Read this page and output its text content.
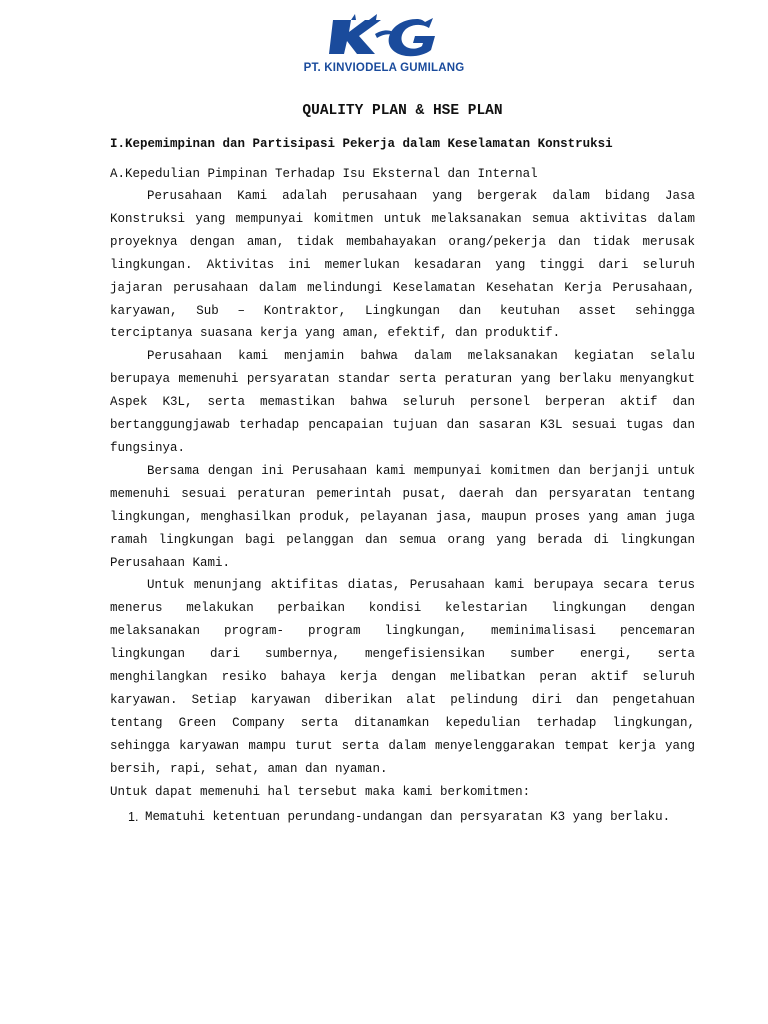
PT. KINVIODELA GUMILANG
QUALITY PLAN & HSE PLAN
I.Kepemimpinan dan Partisipasi Pekerja dalam Keselamatan Konstruksi
A.Kepedulian Pimpinan Terhadap Isu Eksternal dan Internal

Perusahaan Kami adalah perusahaan yang bergerak dalam bidang Jasa Konstruksi yang mempunyai komitmen untuk melaksanakan semua aktivitas dalam proyeknya dengan aman, tidak membahayakan orang/pekerja dan tidak merusak lingkungan. Aktivitas ini memerlukan kesadaran yang tinggi dari seluruh jajaran perusahaan dalam melindungi Keselamatan Kesehatan Kerja Perusahaan, karyawan, Sub – Kontraktor, Lingkungan dan keutuhan asset sehingga terciptanya suasana kerja yang aman, efektif, dan produktif.

Perusahaan kami menjamin bahwa dalam melaksanakan kegiatan selalu berupaya memenuhi persyaratan standar serta peraturan yang berlaku menyangkut Aspek K3L, serta memastikan bahwa seluruh personel berperan aktif dan bertanggungjawab terhadap pencapaian tujuan dan sasaran K3L sesuai tugas dan fungsinya.

Bersama dengan ini Perusahaan kami mempunyai komitmen dan berjanji untuk memenuhi sesuai peraturan pemerintah pusat, daerah dan persyaratan tentang lingkungan, menghasilkan produk, pelayanan jasa, maupun proses yang aman juga ramah lingkungan bagi pelanggan dan semua orang yang berada di lingkungan Perusahaan Kami.

Untuk menunjang aktifitas diatas, Perusahaan kami berupaya secara terus menerus melakukan perbaikan kondisi kelestarian lingkungan dengan melaksanakan program- program lingkungan, meminimalisasi pencemaran lingkungan dari sumbernya, mengefisiensikan sumber energi, serta menghilangkan resiko bahaya kerja dengan melibatkan peran aktif seluruh karyawan. Setiap karyawan diberikan alat pelindung diri dan pengetahuan tentang Green Company serta ditanamkan kepedulian terhadap lingkungan, sehingga karyawan mampu turut serta dalam menyelenggarakan tempat kerja yang bersih, rapi, sehat, aman dan nyaman.

Untuk dapat memenuhi hal tersebut maka kami berkomitmen:

1. Mematuhi ketentuan perundang-undangan dan persyaratan K3 yang berlaku.
